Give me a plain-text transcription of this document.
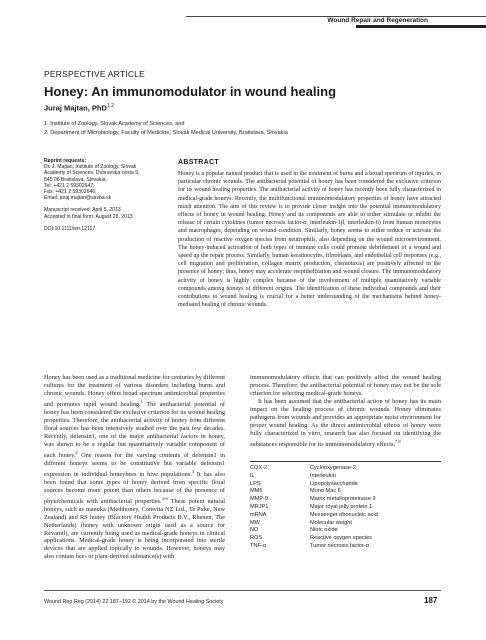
Wound Repair and Regeneration
PERSPECTIVE ARTICLE
Honey: An immunomodulator in wound healing
Juraj Majtan, PhD$^{1,2}$
1. Institute of Zoology, Slovak Academy of Sciences, and
2. Department of Microbiology, Faculty of Medicine, Slovak Medical University, Bratislava, Slovakia

Reprint requests:

Dr. J. Majtan, Institute of Zoology, Slovak

Academy of Sciences, Dubravska cesta 9,

845 06 Bratislava, Slovakia.

Tel: +421 2 59302647;

Fax: +421 2 59302646;

Email: juraj.majtan@savba.sk

Manuscript received: April 5, 2013

Accepted in final form: August 28, 2013

DOI:10.1111/wrr.12117

ABSTRACT

Honey is a popular natural product that is used in the treatment of burns and a broad spectrum of injuries, in particular chronic wounds. The antibacterial potential of honey has been considered the exclusive criterion for its wound healing properties. The antibacterial activity of honey has recently been fully characterized in medical-grade honeys. Recently, the multifunctional immunomodulatory properties of honey have attracted much attention. The aim of this review is to provide closer insight into the potential immunomodulatory effects of honey in wound healing. Honey and its components are able to either stimulate or inhibit the release of certain cytokines (tumor necrosis factor-α, interleukin-1β, interleukin-6) from human monocytes and macrophages, depending on wound condition. Similarly, honey seems to either reduce or activate the production of reactive oxygen species from neutrophils, also depending on the wound microenvironment. The honey-induced activation of both types of immune cells could promote debridement of a wound and speed up the repair process. Similarly, human keratinocytes, fibroblasts, and endothelial cell responses (e.g., cell migration and proliferation, collagen matrix production, chemotaxis) are positively affected in the presence of honey; thus, honey may accelerate reepithelization and wound closure. The immunomodulatory activity of honey is highly complex because of the involvement of multiple quantitatively variable compounds among honeys of different origins. The identification of these individual compounds and their contributions to wound healing is crucial for a better understanding of the mechanisms behind honey-mediated healing of chronic wounds.

Honey has been used as a traditional medicine for centuries by different cultures for the treatment of various disorders including burns and chronic wounds. Honey offers broad spectrum antimicrobial properties and promotes rapid wound healing.$^1$ The antibacterial potential of honey has been considered the exclusive criterion for its wound healing properties. Therefore, the antibacterial activity of honey from different floral sources has been intensively studied over the past few decades. Recently, defensin1, one of the major antibacterial factors in honey, was shown to be a regular but quantitatively variable component of each honey.$^2$ One reason for the varying contents of defensin1 in different honeys seems to be constitutive but variable defensin1 expression in individual honeybees in hive populations.$^3$ It has also been found that some types of honey derived from specific floral sources become more potent than others because of the presence of phytochemicals with antibacterial properties.$^{4-6}$ These potent natural honeys, such as manuka (Medihoney, Comvita NZ Ltd., Te Puke, New Zealand) and RS honey (Bfactory Health Products B.V., Rhenen, The Netherlands) (honey with unknown origin used as a source for Revamil), are currently being used as medical-grade honeys in clinical applications. Medical-grade honey is being incorporated into sterile devices that are applied topically to wounds. However, honeys may also contain bee- or plant-derived substance(s) with

immunomodulatory effects that can positively affect the wound healing process. Therefore, the antibacterial potential of honey may not be the sole criterion for selecting medical-grade honeys.

It has been assumed that the antibacterial action of honey has its main impact on the healing process of chronic wounds. Honey eliminates pathogens from wounds and provides an appropriate moist environment for proper wound healing. As the direct antimicrobial effects of honey were fully characterized in vitro, research has also focused on identifying the substances responsible for its immunomodulatory effects.$^{7,8}$

COX-2	Cyclooxygenase-2
IL	Interleukin
LPS	Lipopolysaccharide
MM6	Mono Mac 6
MMP-9	Matrix metalloproteinase 9
MRJP1	Major royal jelly protein 1
mRNA	Messenger ribonucleic acid
MW	Molecular weight
NO	Nitric oxide
ROS	Reactive oxygen species
TNF-α	Tumor necrosis factor-α
Wound Rep Reg (2014) 22 187–192 © 2014 by the Wound Healing Society	187
